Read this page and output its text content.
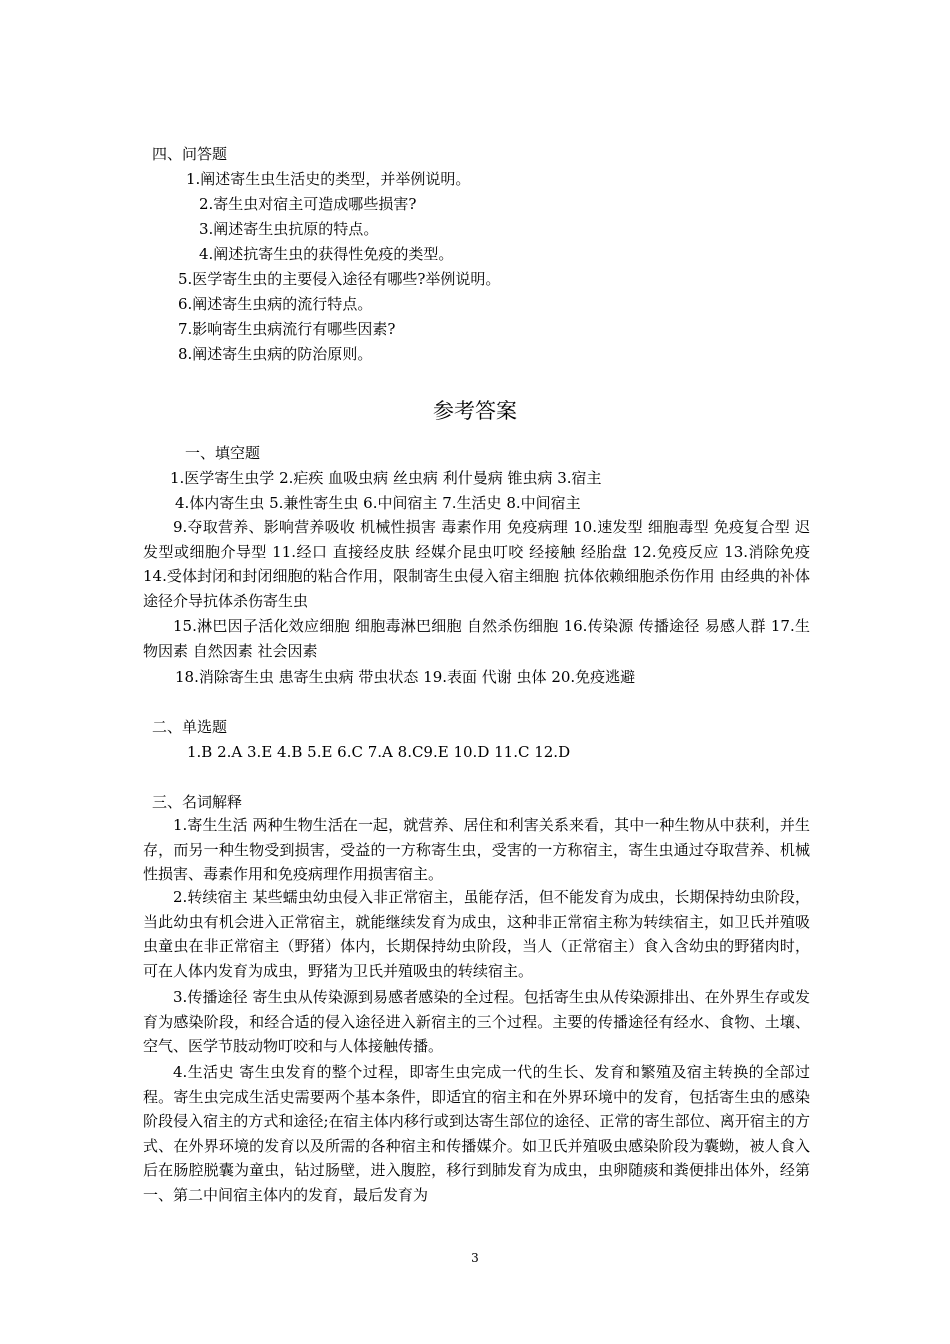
四、问答题
1.阐述寄生虫生活史的类型，并举例说明。
2.寄生虫对宿主可造成哪些损害?
3.阐述寄生虫抗原的特点。
4.阐述抗寄生虫的获得性免疫的类型。
5.医学寄生虫的主要侵入途径有哪些?举例说明。
6.阐述寄生虫病的流行特点。
7.影响寄生虫病流行有哪些因素?
8.阐述寄生虫病的防治原则。
参考答案
一、填空题
1.医学寄生虫学 2.疟疾 血吸虫病 丝虫病 利什曼病 锥虫病 3.宿主
4.体内寄生虫 5.兼性寄生虫 6.中间宿主 7.生活史 8.中间宿主
9.夺取营养、影响营养吸收 机械性损害 毒素作用 免疫病理 10.速发型 细胞毒型 免疫复合型 迟发型或细胞介导型 11.经口 直接经皮肤 经媒介昆虫叮咬 经接触 经胎盘 12.免疫反应 13.消除免疫 14.受体封闭和封闭细胞的粘合作用，限制寄生虫侵入宿主细胞 抗体依赖细胞杀伤作用 由经典的补体途径介导抗体杀伤寄生虫
15.淋巴因子活化效应细胞 细胞毒淋巴细胞 自然杀伤细胞 16.传染源 传播途径 易感人群 17.生物因素 自然因素 社会因素
18.消除寄生虫 患寄生虫病 带虫状态 19.表面 代谢 虫体 20.免疫逃避
二、单选题
1.B 2.A 3.E 4.B 5.E 6.C 7.A 8.C9.E 10.D 11.C 12.D
三、名词解释
1.寄生生活 两种生物生活在一起，就营养、居住和利害关系来看，其中一种生物从中获利，并生存，而另一种生物受到损害，受益的一方称寄生虫，受害的一方称宿主，寄生虫通过夺取营养、机械性损害、毒素作用和免疫病理作用损害宿主。
2.转续宿主 某些蠕虫幼虫侵入非正常宿主，虽能存活，但不能发育为成虫，长期保持幼虫阶段，当此幼虫有机会进入正常宿主，就能继续发育为成虫，这种非正常宿主称为转续宿主，如卫氏并殖吸虫童虫在非正常宿主（野猪）体内，长期保持幼虫阶段，当人（正常宿主）食入含幼虫的野猪肉时，可在人体内发育为成虫，野猪为卫氏并殖吸虫的转续宿主。
3.传播途径 寄生虫从传染源到易感者感染的全过程。包括寄生虫从传染源排出、在外界生存或发育为感染阶段，和经合适的侵入途径进入新宿主的三个过程。主要的传播途径有经水、食物、土壤、空气、医学节肢动物叮咬和与人体接触传播。
4.生活史 寄生虫发育的整个过程，即寄生虫完成一代的生长、发育和繁殖及宿主转换的全部过程。寄生虫完成生活史需要两个基本条件，即适宜的宿主和在外界环境中的发育，包括寄生虫的感染阶段侵入宿主的方式和途径;在宿主体内移行或到达寄生部位的途径、正常的寄生部位、离开宿主的方式、在外界环境的发育以及所需的各种宿主和传播媒介。如卫氏并殖吸虫感染阶段为囊蚴，被人食入后在肠腔脱囊为童虫，钻过肠壁，进入腹腔，移行到肺发育为成虫，虫卵随痰和粪便排出体外，经第一、第二中间宿主体内的发育，最后发育为
3
